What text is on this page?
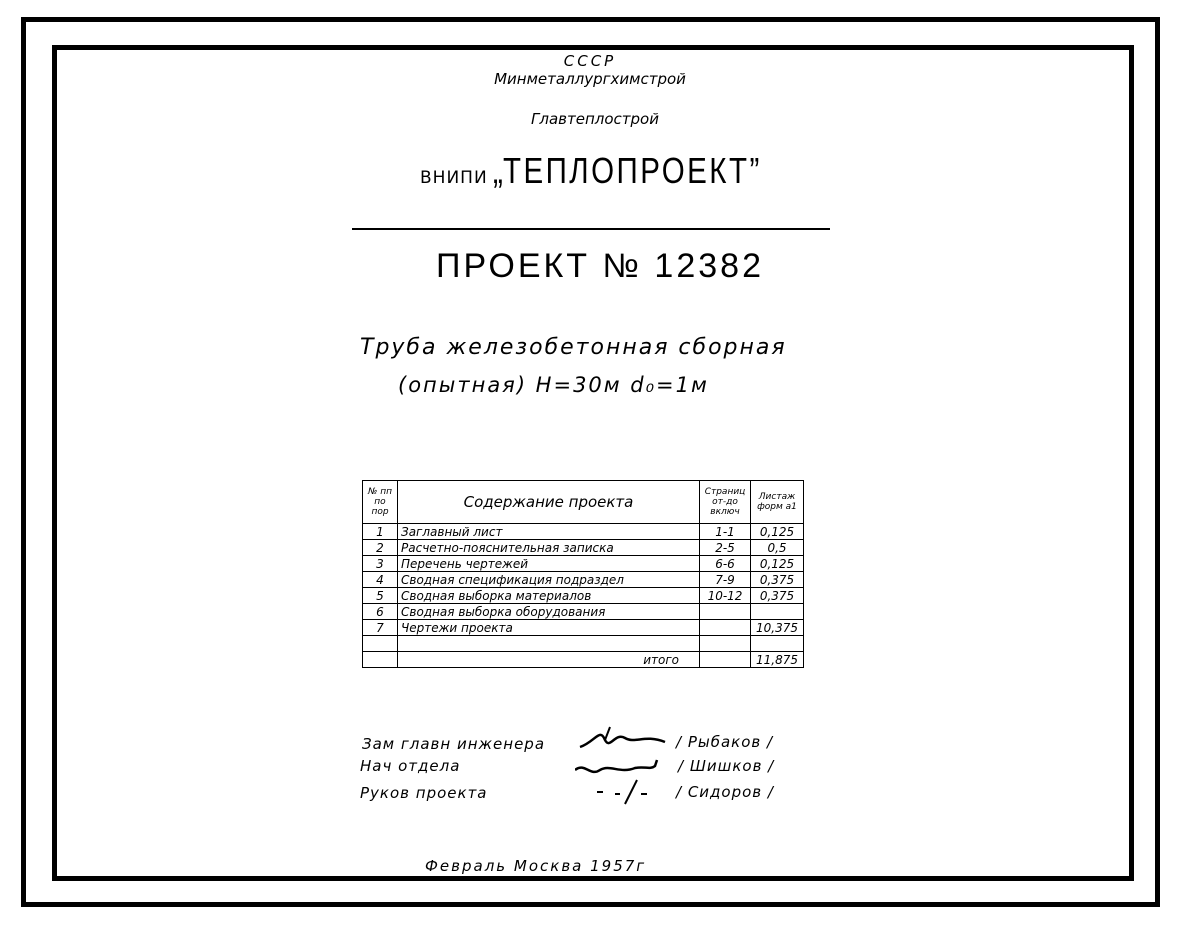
СССР
Минметаллургхимстрой
Главтеплострой
ВНИПИ „ТЕПЛОПРОЕКТ”
ПРОЕКТ № 12382
Труба железобетонная сборная
(опытная) H=30м d₀=1м
№ пп по пор	Содержание проекта	Страниц от-до включ	Листаж форм а1
1	Заглавный лист	1-1	0,125
2	Расчетно-пояснительная записка	2-5	0,5
3	Перечень чертежей	6-6	0,125
4	Сводная спецификация подраздел	7-9	0,375
5	Сводная выборка материалов	10-12	0,375
6	Сводная выборка оборудования		
7	Чертежи проекта		10,375

	итого		11,875
Зам главн инженера
Нач отдела
Руков проекта
/ Рыбаков /
/ Шишков /
/ Сидоров /
Февраль Москва 1957г
